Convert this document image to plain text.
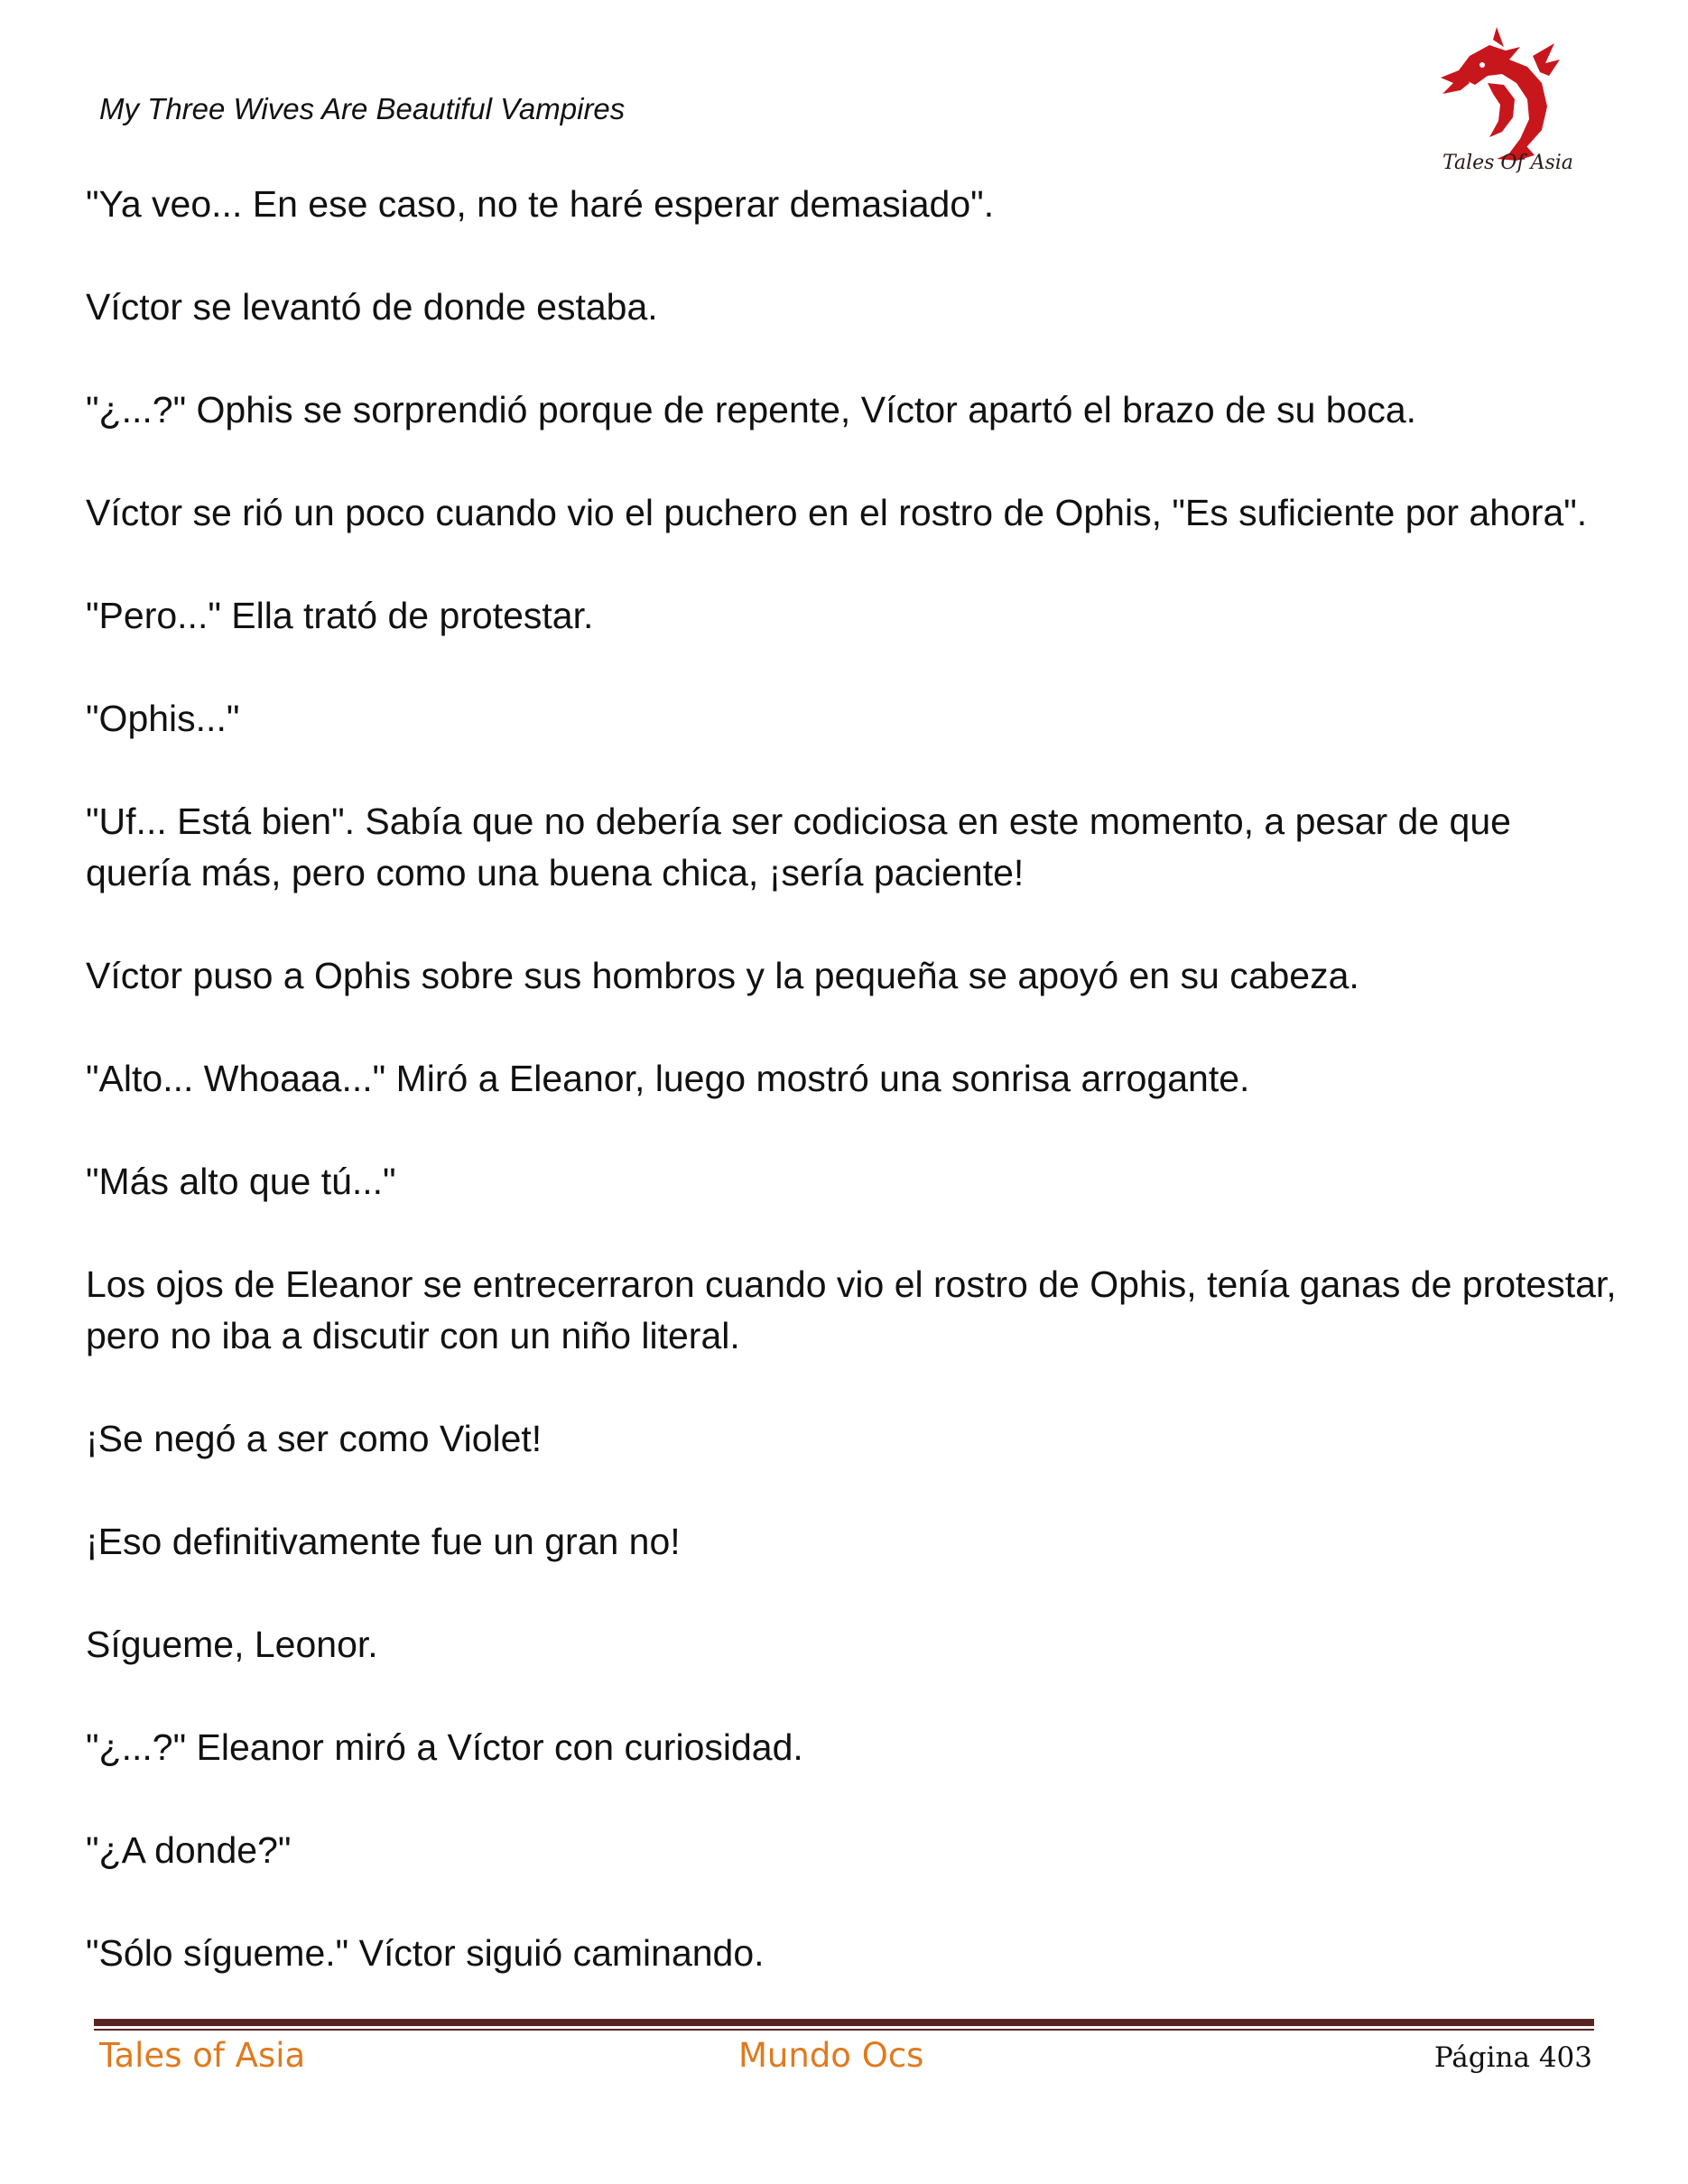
My Three Wives Are Beautiful Vampires
Tales Of Asia

"Ya veo... En ese caso, no te haré esperar demasiado".

Víctor se levantó de donde estaba.

"¿...?" Ophis se sorprendió porque de repente, Víctor apartó el brazo de su boca.

Víctor se rió un poco cuando vio el puchero en el rostro de Ophis, "Es suficiente por ahora".

"Pero..." Ella trató de protestar.

"Ophis..."

"Uf... Está bien". Sabía que no debería ser codiciosa en este momento, a pesar de que quería más, pero como una buena chica, ¡sería paciente!

Víctor puso a Ophis sobre sus hombros y la pequeña se apoyó en su cabeza.

"Alto... Whoaaa..." Miró a Eleanor, luego mostró una sonrisa arrogante.

"Más alto que tú..."

Los ojos de Eleanor se entrecerraron cuando vio el rostro de Ophis, tenía ganas de protestar, pero no iba a discutir con un niño literal.

¡Se negó a ser como Violet!

¡Eso definitivamente fue un gran no!

Sígueme, Leonor.

"¿...?" Eleanor miró a Víctor con curiosidad.

"¿A donde?"

"Sólo sígueme." Víctor siguió caminando.

Tales of Asia	Mundo Ocs	Página 403
